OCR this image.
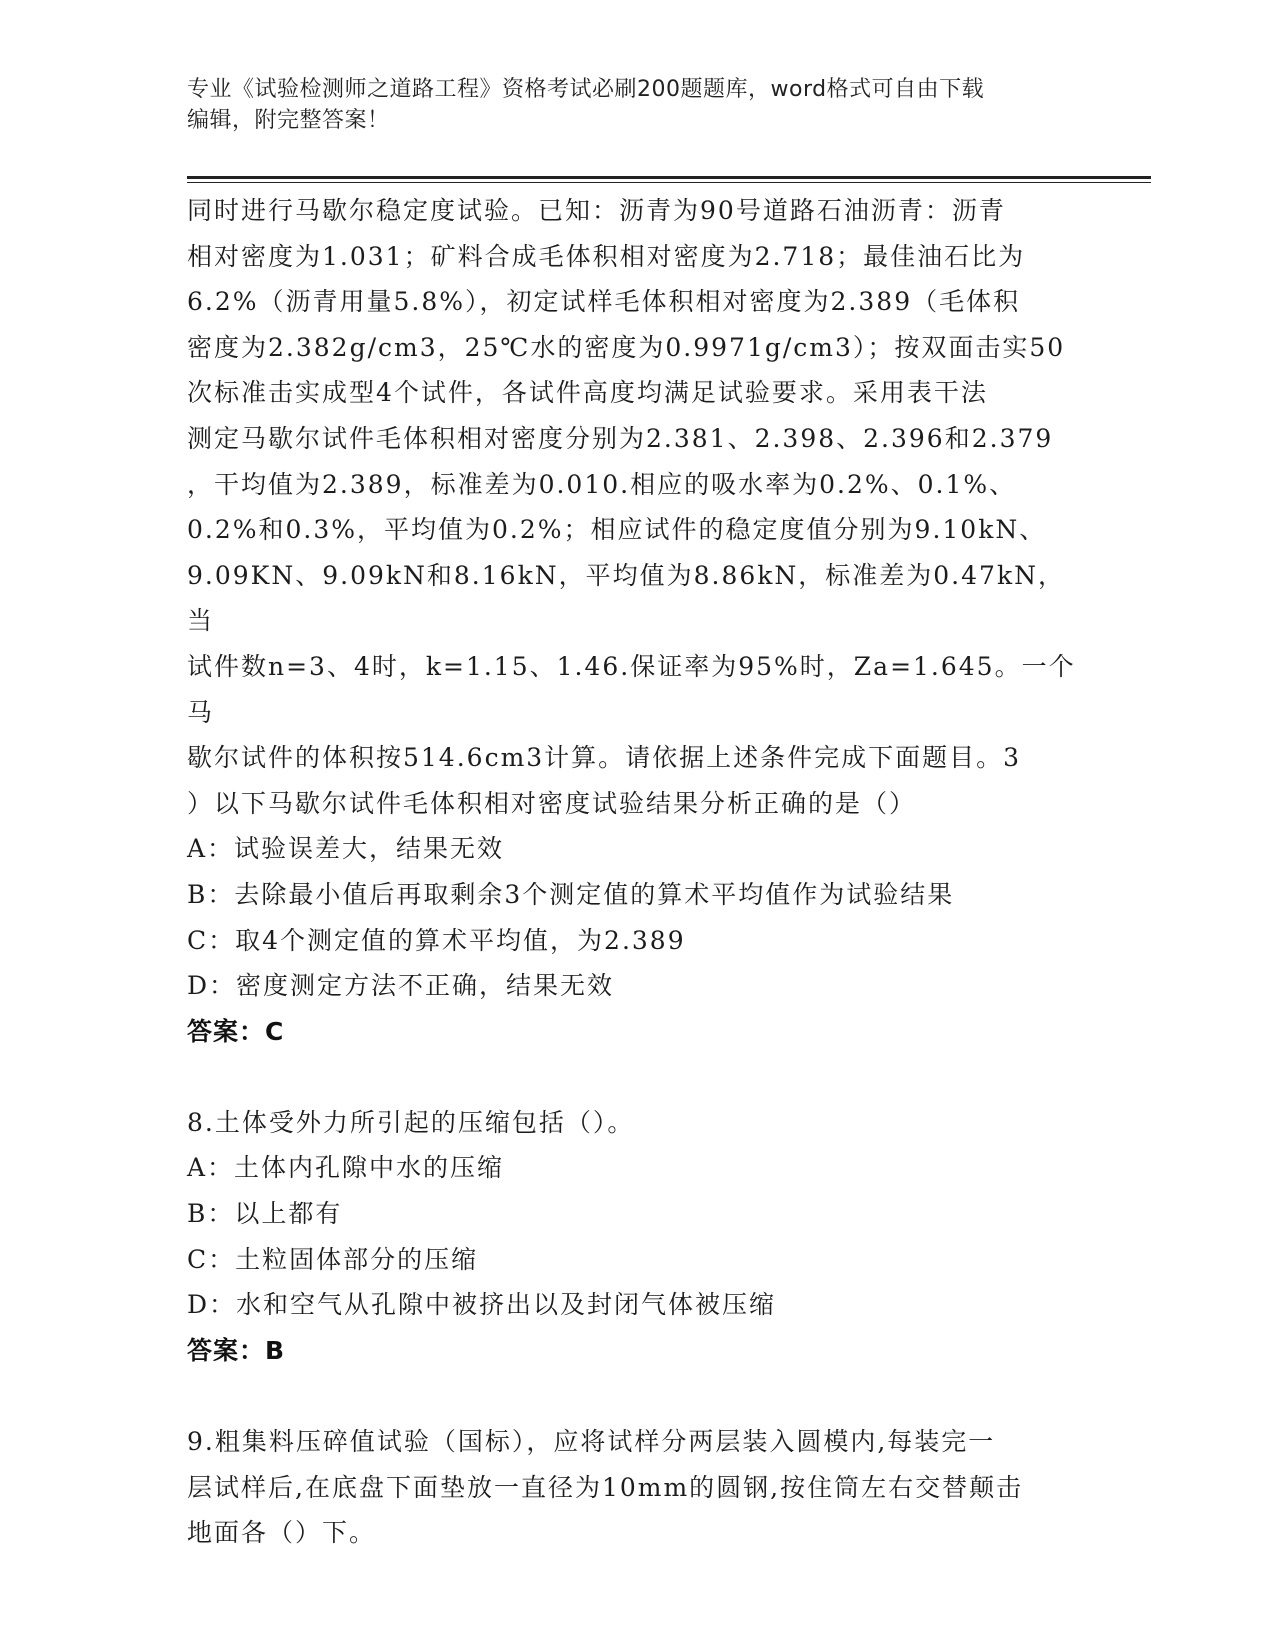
专业《试验检测师之道路工程》资格考试必刷200题题库，word格式可自由下载
编辑，附完整答案！
同时进行马歇尔稳定度试验。已知：沥青为90号道路石油沥青：沥青
相对密度为1.031；矿料合成毛体积相对密度为2.718；最佳油石比为
6.2%（沥青用量5.8%），初定试样毛体积相对密度为2.389（毛体积
密度为2.382g/cm3，25℃水的密度为0.9971g/cm3）；按双面击实50
次标准击实成型4个试件，各试件高度均满足试验要求。采用表干法
测定马歇尔试件毛体积相对密度分别为2.381、2.398、2.396和2.379
，干均值为2.389，标准差为0.010.相应的吸水率为0.2%、0.1%、
0.2%和0.3%，平均值为0.2%；相应试件的稳定度值分别为9.10kN、
9.09KN、9.09kN和8.16kN，平均值为8.86kN，标准差为0.47kN，当
试件数n=3、4时，k=1.15、1.46.保证率为95%时，Za=1.645。一个马
歇尔试件的体积按514.6cm3计算。请依据上述条件完成下面题目。3
）以下马歇尔试件毛体积相对密度试验结果分析正确的是（）
A：试验误差大，结果无效
B：去除最小值后再取剩余3个测定值的算术平均值作为试验结果
C：取4个测定值的算术平均值，为2.389
D：密度测定方法不正确，结果无效
答案：C
8.土体受外力所引起的压缩包括（）。
A：土体内孔隙中水的压缩
B：以上都有
C：土粒固体部分的压缩
D：水和空气从孔隙中被挤出以及封闭气体被压缩
答案：B
9.粗集料压碎值试验（国标），应将试样分两层装入圆模内,每装完一
层试样后,在底盘下面垫放一直径为10mm的圆钢,按住筒左右交替颠击
地面各（）下。
